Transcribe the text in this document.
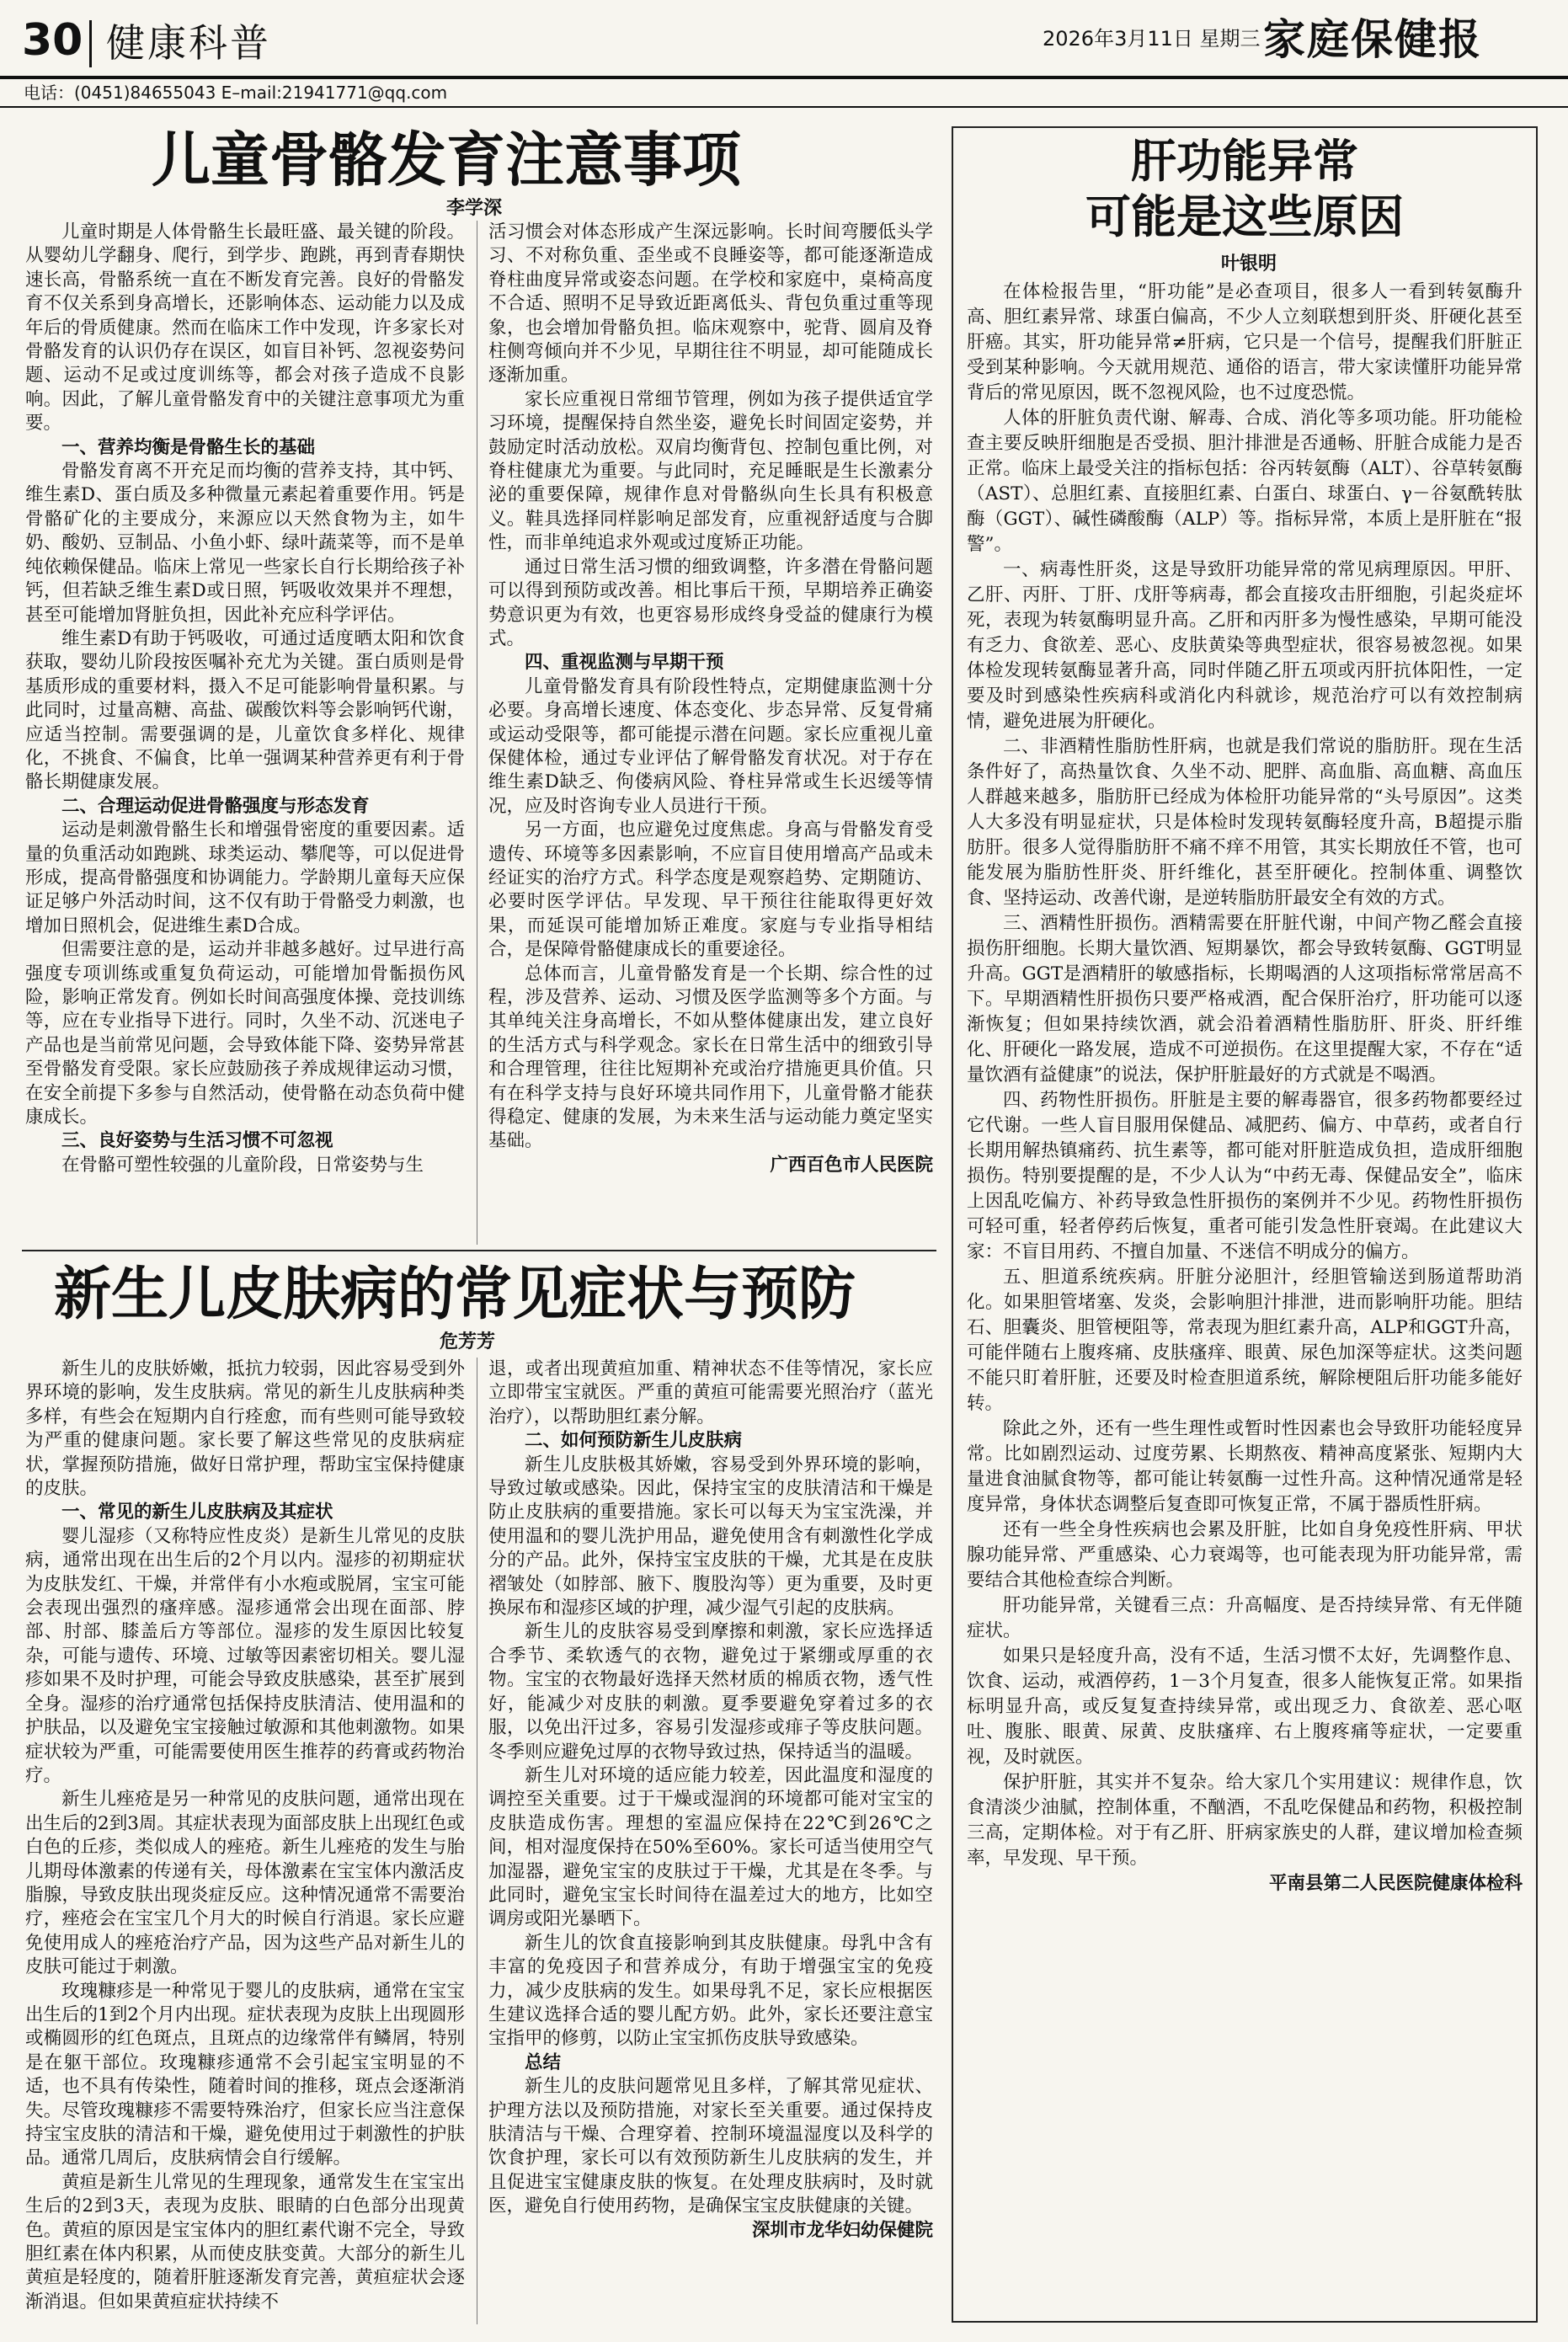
30 健康科普	2026年3月11日 星期三 家庭保健报
电话：(0451)84655043 E–mail:21941771@qq.com
儿童骨骼发育注意事项
李学深

儿童时期是人体骨骼生长最旺盛、最关键的阶段。从婴幼儿学翻身、爬行，到学步、跑跳，再到青春期快速长高，骨骼系统一直在不断发育完善。良好的骨骼发育不仅关系到身高增长，还影响体态、运动能力以及成年后的骨质健康。然而在临床工作中发现，许多家长对骨骼发育的认识仍存在误区，如盲目补钙、忽视姿势问题、运动不足或过度训练等，都会对孩子造成不良影响。因此，了解儿童骨骼发育中的关键注意事项尤为重要。

一、营养均衡是骨骼生长的基础

骨骼发育离不开充足而均衡的营养支持，其中钙、维生素D、蛋白质及多种微量元素起着重要作用。钙是骨骼矿化的主要成分，来源应以天然食物为主，如牛奶、酸奶、豆制品、小鱼小虾、绿叶蔬菜等，而不是单纯依赖保健品。临床上常见一些家长自行长期给孩子补钙，但若缺乏维生素D或日照，钙吸收效果并不理想，甚至可能增加肾脏负担，因此补充应科学评估。

维生素D有助于钙吸收，可通过适度晒太阳和饮食获取，婴幼儿阶段按医嘱补充尤为关键。蛋白质则是骨基质形成的重要材料，摄入不足可能影响骨量积累。与此同时，过量高糖、高盐、碳酸饮料等会影响钙代谢，应适当控制。需要强调的是，儿童饮食多样化、规律化，不挑食、不偏食，比单一强调某种营养更有利于骨骼长期健康发展。

二、合理运动促进骨骼强度与形态发育

运动是刺激骨骼生长和增强骨密度的重要因素。适量的负重活动如跑跳、球类运动、攀爬等，可以促进骨形成，提高骨骼强度和协调能力。学龄期儿童每天应保证足够户外活动时间，这不仅有助于骨骼受力刺激，也增加日照机会，促进维生素D合成。

但需要注意的是，运动并非越多越好。过早进行高强度专项训练或重复负荷运动，可能增加骨骺损伤风险，影响正常发育。例如长时间高强度体操、竞技训练等，应在专业指导下进行。同时，久坐不动、沉迷电子产品也是当前常见问题，会导致体能下降、姿势异常甚至骨骼发育受限。家长应鼓励孩子养成规律运动习惯，在安全前提下多参与自然活动，使骨骼在动态负荷中健康成长。

三、良好姿势与生活习惯不可忽视

在骨骼可塑性较强的儿童阶段，日常姿势与生

活习惯会对体态形成产生深远影响。长时间弯腰低头学习、不对称负重、歪坐或不良睡姿等，都可能逐渐造成脊柱曲度异常或姿态问题。在学校和家庭中，桌椅高度不合适、照明不足导致近距离低头、背包负重过重等现象，也会增加骨骼负担。临床观察中，驼背、圆肩及脊柱侧弯倾向并不少见，早期往往不明显，却可能随成长逐渐加重。

家长应重视日常细节管理，例如为孩子提供适宜学习环境，提醒保持自然坐姿，避免长时间固定姿势，并鼓励定时活动放松。双肩均衡背包、控制包重比例，对脊柱健康尤为重要。与此同时，充足睡眠是生长激素分泌的重要保障，规律作息对骨骼纵向生长具有积极意义。鞋具选择同样影响足部发育，应重视舒适度与合脚性，而非单纯追求外观或过度矫正功能。

通过日常生活习惯的细致调整，许多潜在骨骼问题可以得到预防或改善。相比事后干预，早期培养正确姿势意识更为有效，也更容易形成终身受益的健康行为模式。

四、重视监测与早期干预

儿童骨骼发育具有阶段性特点，定期健康监测十分必要。身高增长速度、体态变化、步态异常、反复骨痛或运动受限等，都可能提示潜在问题。家长应重视儿童保健体检，通过专业评估了解骨骼发育状况。对于存在维生素D缺乏、佝偻病风险、脊柱异常或生长迟缓等情况，应及时咨询专业人员进行干预。

另一方面，也应避免过度焦虑。身高与骨骼发育受遗传、环境等多因素影响，不应盲目使用增高产品或未经证实的治疗方式。科学态度是观察趋势、定期随访、必要时医学评估。早发现、早干预往往能取得更好效果，而延误可能增加矫正难度。家庭与专业指导相结合，是保障骨骼健康成长的重要途径。

总体而言，儿童骨骼发育是一个长期、综合性的过程，涉及营养、运动、习惯及医学监测等多个方面。与其单纯关注身高增长，不如从整体健康出发，建立良好的生活方式与科学观念。家长在日常生活中的细致引导和合理管理，往往比短期补充或治疗措施更具价值。只有在科学支持与良好环境共同作用下，儿童骨骼才能获得稳定、健康的发展，为未来生活与运动能力奠定坚实基础。

广西百色市人民医院

新生儿皮肤病的常见症状与预防
危芳芳

新生儿的皮肤娇嫩，抵抗力较弱，因此容易受到外界环境的影响，发生皮肤病。常见的新生儿皮肤病种类多样，有些会在短期内自行痊愈，而有些则可能导致较为严重的健康问题。家长要了解这些常见的皮肤病症状，掌握预防措施，做好日常护理，帮助宝宝保持健康的皮肤。

一、常见的新生儿皮肤病及其症状

婴儿湿疹（又称特应性皮炎）是新生儿常见的皮肤病，通常出现在出生后的2个月以内。湿疹的初期症状为皮肤发红、干燥，并常伴有小水疱或脱屑，宝宝可能会表现出强烈的瘙痒感。湿疹通常会出现在面部、脖部、肘部、膝盖后方等部位。湿疹的发生原因比较复杂，可能与遗传、环境、过敏等因素密切相关。婴儿湿疹如果不及时护理，可能会导致皮肤感染，甚至扩展到全身。湿疹的治疗通常包括保持皮肤清洁、使用温和的护肤品，以及避免宝宝接触过敏源和其他刺激物。如果症状较为严重，可能需要使用医生推荐的药膏或药物治疗。

新生儿痤疮是另一种常见的皮肤问题，通常出现在出生后的2到3周。其症状表现为面部皮肤上出现红色或白色的丘疹，类似成人的痤疮。新生儿痤疮的发生与胎儿期母体激素的传递有关，母体激素在宝宝体内激活皮脂腺，导致皮肤出现炎症反应。这种情况通常不需要治疗，痤疮会在宝宝几个月大的时候自行消退。家长应避免使用成人的痤疮治疗产品，因为这些产品对新生儿的皮肤可能过于刺激。

玫瑰糠疹是一种常见于婴儿的皮肤病，通常在宝宝出生后的1到2个月内出现。症状表现为皮肤上出现圆形或椭圆形的红色斑点，且斑点的边缘常伴有鳞屑，特别是在躯干部位。玫瑰糠疹通常不会引起宝宝明显的不适，也不具有传染性，随着时间的推移，斑点会逐渐消失。尽管玫瑰糠疹不需要特殊治疗，但家长应当注意保持宝宝皮肤的清洁和干燥，避免使用过于刺激性的护肤品。通常几周后，皮肤病情会自行缓解。

黄疸是新生儿常见的生理现象，通常发生在宝宝出生后的2到3天，表现为皮肤、眼睛的白色部分出现黄色。黄疸的原因是宝宝体内的胆红素代谢不完全，导致胆红素在体内积累，从而使皮肤变黄。大部分的新生儿黄疸是轻度的，随着肝脏逐渐发育完善，黄疸症状会逐渐消退。但如果黄疸症状持续不

退，或者出现黄疸加重、精神状态不佳等情况，家长应立即带宝宝就医。严重的黄疸可能需要光照治疗（蓝光治疗），以帮助胆红素分解。

二、如何预防新生儿皮肤病

新生儿皮肤极其娇嫩，容易受到外界环境的影响，导致过敏或感染。因此，保持宝宝的皮肤清洁和干燥是防止皮肤病的重要措施。家长可以每天为宝宝洗澡，并使用温和的婴儿洗护用品，避免使用含有刺激性化学成分的产品。此外，保持宝宝皮肤的干燥，尤其是在皮肤褶皱处（如脖部、腋下、腹股沟等）更为重要，及时更换尿布和湿疹区域的护理，减少湿气引起的皮肤病。

新生儿的皮肤容易受到摩擦和刺激，家长应选择适合季节、柔软透气的衣物，避免过于紧绷或厚重的衣物。宝宝的衣物最好选择天然材质的棉质衣物，透气性好，能减少对皮肤的刺激。夏季要避免穿着过多的衣服，以免出汗过多，容易引发湿疹或痱子等皮肤问题。冬季则应避免过厚的衣物导致过热，保持适当的温暖。

新生儿对环境的适应能力较差，因此温度和湿度的调控至关重要。过于干燥或湿润的环境都可能对宝宝的皮肤造成伤害。理想的室温应保持在22℃到26℃之间，相对湿度保持在50%至60%。家长可适当使用空气加湿器，避免宝宝的皮肤过于干燥，尤其是在冬季。与此同时，避免宝宝长时间待在温差过大的地方，比如空调房或阳光暴晒下。

新生儿的饮食直接影响到其皮肤健康。母乳中含有丰富的免疫因子和营养成分，有助于增强宝宝的免疫力，减少皮肤病的发生。如果母乳不足，家长应根据医生建议选择合适的婴儿配方奶。此外，家长还要注意宝宝指甲的修剪，以防止宝宝抓伤皮肤导致感染。

总结

新生儿的皮肤问题常见且多样，了解其常见症状、护理方法以及预防措施，对家长至关重要。通过保持皮肤清洁与干燥、合理穿着、控制环境温湿度以及科学的饮食护理，家长可以有效预防新生儿皮肤病的发生，并且促进宝宝健康皮肤的恢复。在处理皮肤病时，及时就医，避免自行使用药物，是确保宝宝皮肤健康的关键。

深圳市龙华妇幼保健院

肝功能异常
可能是这些原因
叶银明

在体检报告里，“肝功能”是必查项目，很多人一看到转氨酶升高、胆红素异常、球蛋白偏高，不少人立刻联想到肝炎、肝硬化甚至肝癌。其实，肝功能异常≠肝病，它只是一个信号，提醒我们肝脏正受到某种影响。今天就用规范、通俗的语言，带大家读懂肝功能异常背后的常见原因，既不忽视风险，也不过度恐慌。

人体的肝脏负责代谢、解毒、合成、消化等多项功能。肝功能检查主要反映肝细胞是否受损、胆汁排泄是否通畅、肝脏合成能力是否正常。临床上最受关注的指标包括：谷丙转氨酶（ALT）、谷草转氨酶（AST）、总胆红素、直接胆红素、白蛋白、球蛋白、γ－谷氨酰转肽酶（GGT）、碱性磷酸酶（ALP）等。指标异常，本质上是肝脏在“报警”。

一、病毒性肝炎，这是导致肝功能异常的常见病理原因。甲肝、乙肝、丙肝、丁肝、戊肝等病毒，都会直接攻击肝细胞，引起炎症坏死，表现为转氨酶明显升高。乙肝和丙肝多为慢性感染，早期可能没有乏力、食欲差、恶心、皮肤黄染等典型症状，很容易被忽视。如果体检发现转氨酶显著升高，同时伴随乙肝五项或丙肝抗体阳性，一定要及时到感染性疾病科或消化内科就诊，规范治疗可以有效控制病情，避免进展为肝硬化。

二、非酒精性脂肪性肝病，也就是我们常说的脂肪肝。现在生活条件好了，高热量饮食、久坐不动、肥胖、高血脂、高血糖、高血压人群越来越多，脂肪肝已经成为体检肝功能异常的“头号原因”。这类人大多没有明显症状，只是体检时发现转氨酶轻度升高，B超提示脂肪肝。很多人觉得脂肪肝不痛不痒不用管，其实长期放任不管，也可能发展为脂肪性肝炎、肝纤维化，甚至肝硬化。控制体重、调整饮食、坚持运动、改善代谢，是逆转脂肪肝最安全有效的方式。

三、酒精性肝损伤。酒精需要在肝脏代谢，中间产物乙醛会直接损伤肝细胞。长期大量饮酒、短期暴饮，都会导致转氨酶、GGT明显升高。GGT是酒精肝的敏感指标，长期喝酒的人这项指标常常居高不下。早期酒精性肝损伤只要严格戒酒，配合保肝治疗，肝功能可以逐渐恢复；但如果持续饮酒，就会沿着酒精性脂肪肝、肝炎、肝纤维化、肝硬化一路发展，造成不可逆损伤。在这里提醒大家，不存在“适量饮酒有益健康”的说法，保护肝脏最好的方式就是不喝酒。

四、药物性肝损伤。肝脏是主要的解毒器官，很多药物都要经过它代谢。一些人盲目服用保健品、减肥药、偏方、中草药，或者自行长期用解热镇痛药、抗生素等，都可能对肝脏造成负担，造成肝细胞损伤。特别要提醒的是，不少人认为“中药无毒、保健品安全”，临床上因乱吃偏方、补药导致急性肝损伤的案例并不少见。药物性肝损伤可轻可重，轻者停药后恢复，重者可能引发急性肝衰竭。在此建议大家：不盲目用药、不擅自加量、不迷信不明成分的偏方。

五、胆道系统疾病。肝脏分泌胆汁，经胆管输送到肠道帮助消化。如果胆管堵塞、发炎，会影响胆汁排泄，进而影响肝功能。胆结石、胆囊炎、胆管梗阻等，常表现为胆红素升高，ALP和GGT升高，可能伴随右上腹疼痛、皮肤瘙痒、眼黄、尿色加深等症状。这类问题不能只盯着肝脏，还要及时检查胆道系统，解除梗阻后肝功能多能好转。

除此之外，还有一些生理性或暂时性因素也会导致肝功能轻度异常。比如剧烈运动、过度劳累、长期熬夜、精神高度紧张、短期内大量进食油腻食物等，都可能让转氨酶一过性升高。这种情况通常是轻度异常，身体状态调整后复查即可恢复正常，不属于器质性肝病。

还有一些全身性疾病也会累及肝脏，比如自身免疫性肝病、甲状腺功能异常、严重感染、心力衰竭等，也可能表现为肝功能异常，需要结合其他检查综合判断。

肝功能异常，关键看三点：升高幅度、是否持续异常、有无伴随症状。

如果只是轻度升高，没有不适，生活习惯不太好，先调整作息、饮食、运动，戒酒停药，1－3个月复查，很多人能恢复正常。如果指标明显升高，或反复复查持续异常，或出现乏力、食欲差、恶心呕吐、腹胀、眼黄、尿黄、皮肤瘙痒、右上腹疼痛等症状，一定要重视，及时就医。

保护肝脏，其实并不复杂。给大家几个实用建议：规律作息，饮食清淡少油腻，控制体重，不酗酒，不乱吃保健品和药物，积极控制三高，定期体检。对于有乙肝、肝病家族史的人群，建议增加检查频率，早发现、早干预。

平南县第二人民医院健康体检科
